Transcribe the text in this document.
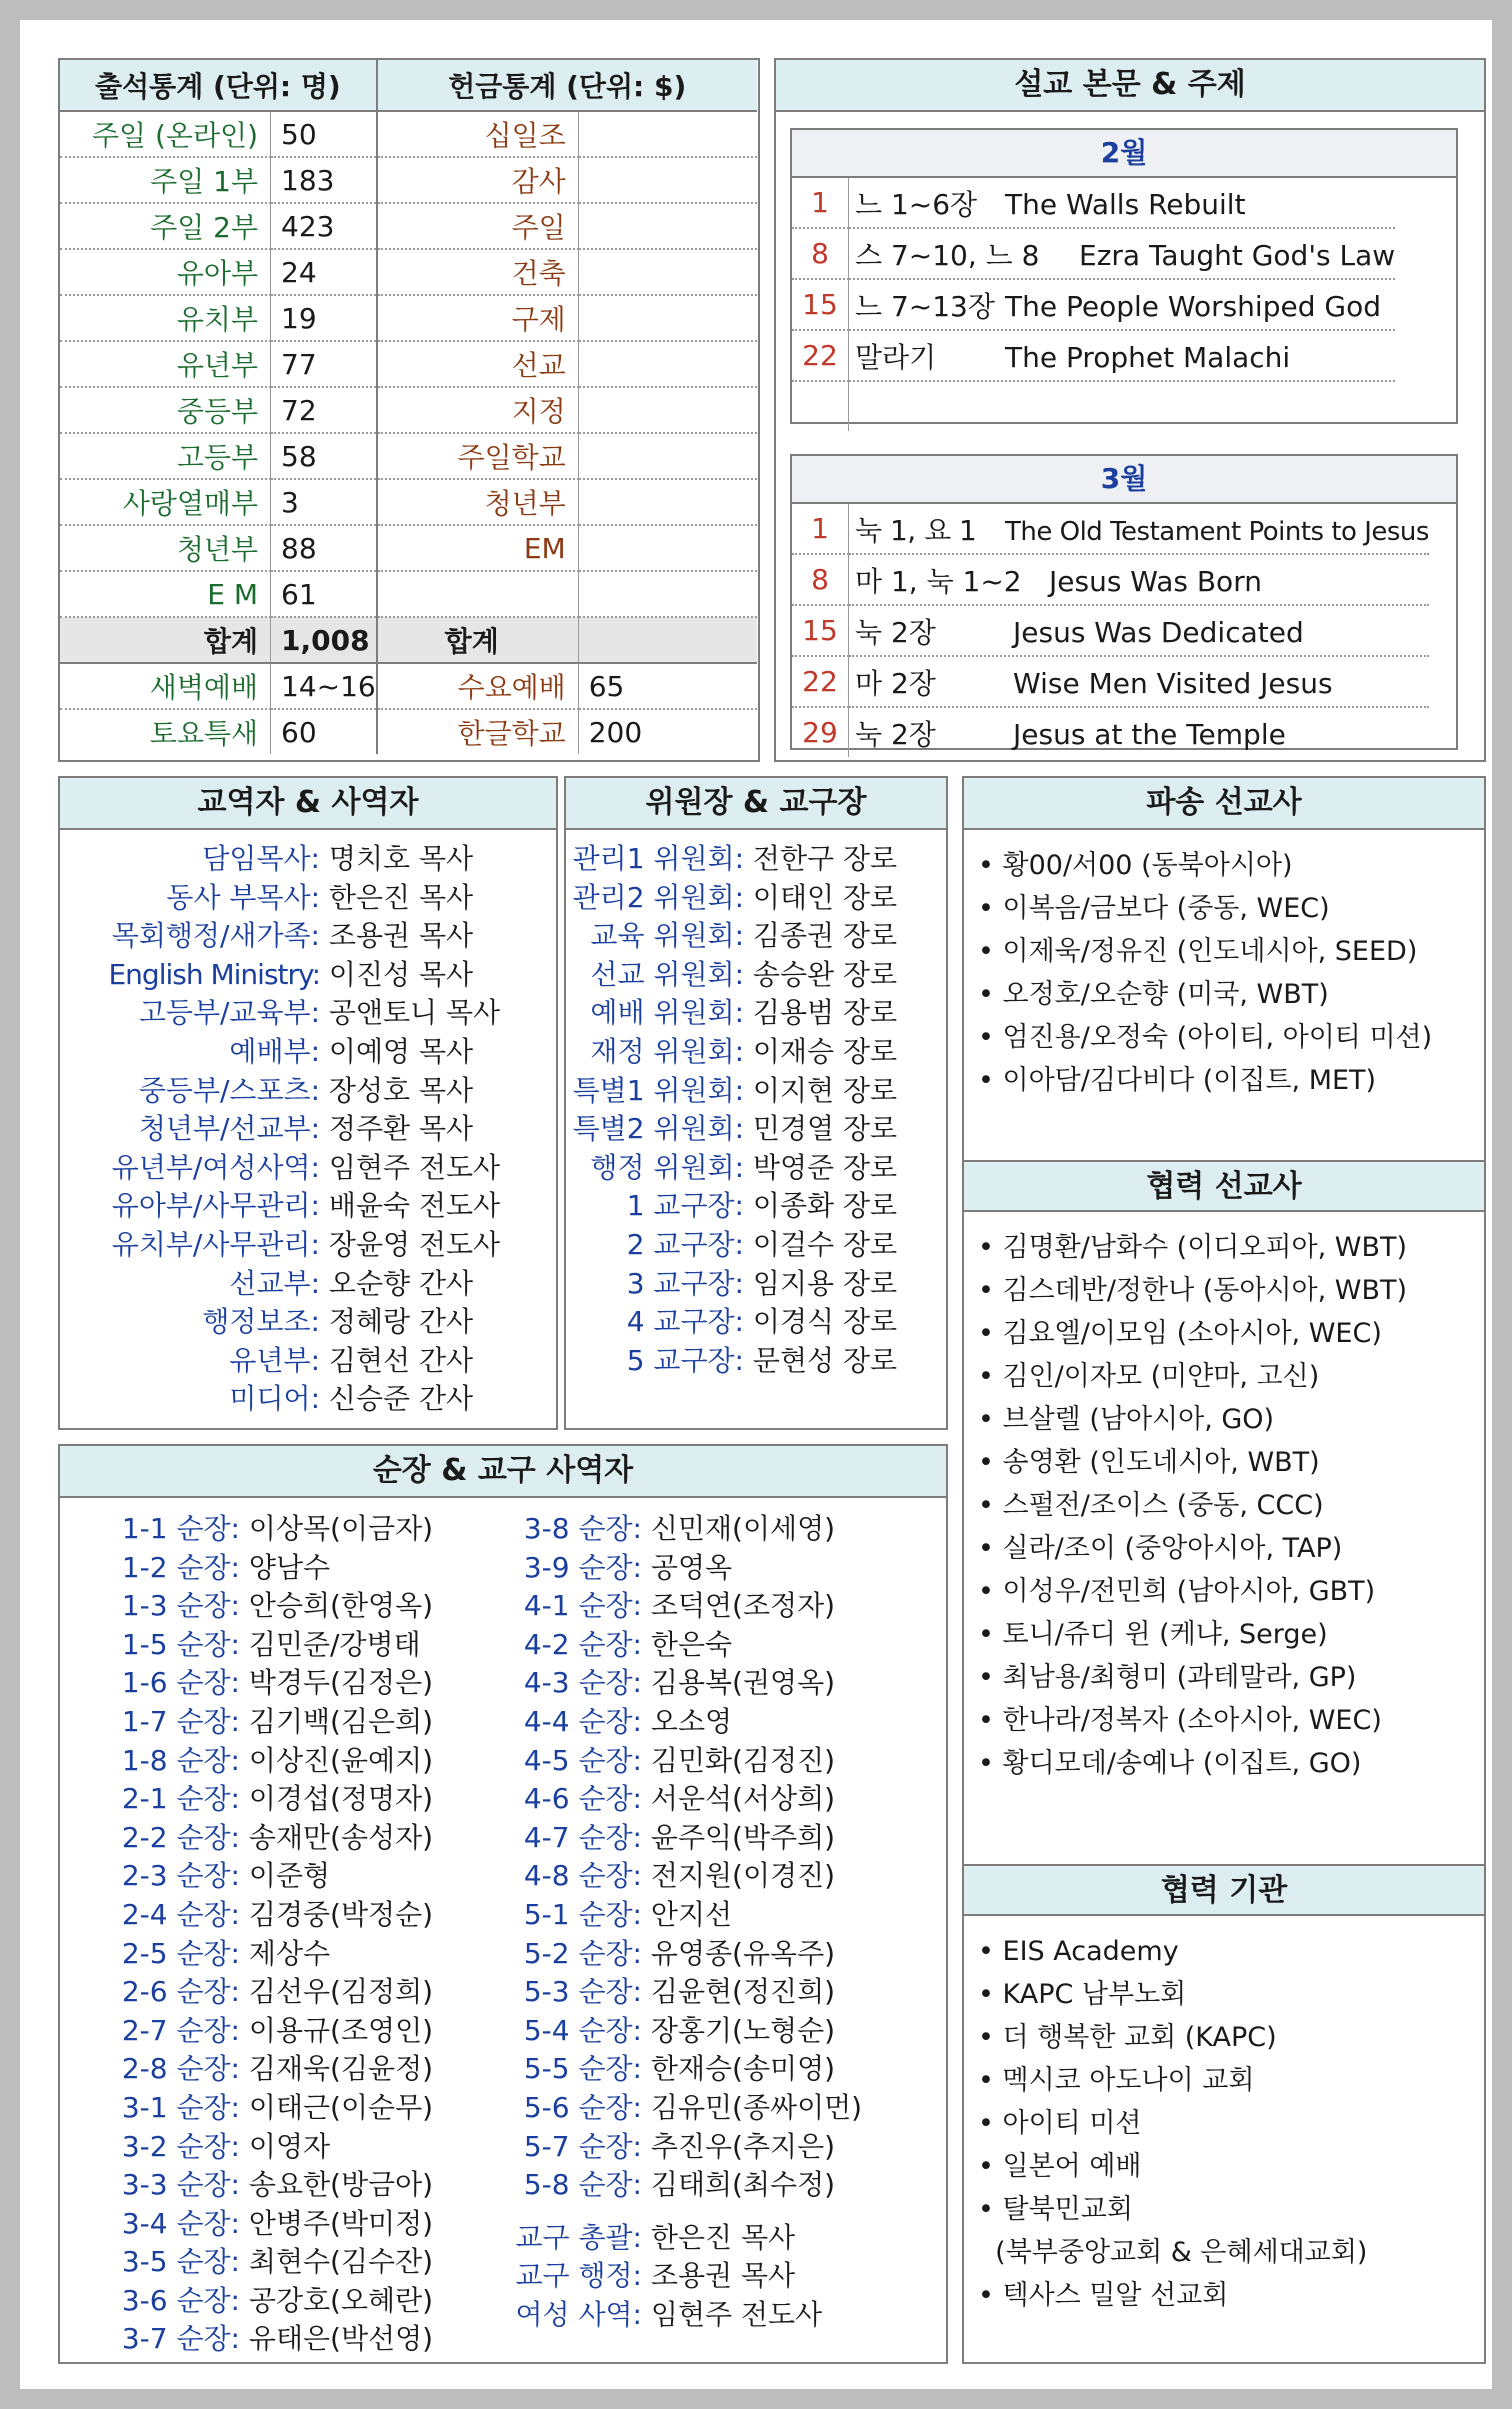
출석통계 (단위: 명)		헌금통계 (단위: $)	
주일 (온라인)	50	십일조	
주일 1부	183	감사	
주일 2부	423	주일	
유아부	24	건축	
유치부	19	구제	
유년부	77	선교	
중등부	72	지정	
고등부	58	주일학교	
사랑열매부	3	청년부	
청년부	88	EM	
E M	61		
합계	1,008	합계	
새벽예배	14~16	수요예배	65
토요특새	60	한글학교	200
설교 본문 & 주제
2월
1	느 1~6장 The Walls Rebuilt
8	스 7~10, 느 8 Ezra Taught God's Law
15	느 7~13장 The People Worshiped God
22	말라기 The Prophet Malachi

3월
1	눅 1, 요 1 The Old Testament Points to Jesus
8	마 1, 눅 1~2 Jesus Was Born
15	눅 2장 Jesus Was Dedicated
22	마 2장 Wise Men Visited Jesus
29	눅 2장 Jesus at the Temple
교역자 & 사역자
담임목사: 명치호 목사
동사 부목사: 한은진 목사
목회행정/새가족: 조용권 목사
English Ministry: 이진성 목사
고등부/교육부: 공앤토니 목사
예배부: 이예영 목사
중등부/스포츠: 장성호 목사
청년부/선교부: 정주환 목사
유년부/여성사역: 임현주 전도사
유아부/사무관리: 배윤숙 전도사
유치부/사무관리: 장윤영 전도사
선교부: 오순향 간사
행정보조: 정혜랑 간사
유년부: 김현선 간사
미디어: 신승준 간사
위원장 & 교구장
관리1 위원회: 전한구 장로
관리2 위원회: 이태인 장로
교육 위원회: 김종권 장로
선교 위원회: 송승완 장로
예배 위원회: 김용범 장로
재정 위원회: 이재승 장로
특별1 위원회: 이지현 장로
특별2 위원회: 민경열 장로
행정 위원회: 박영준 장로
1 교구장: 이종화 장로
2 교구장: 이걸수 장로
3 교구장: 임지용 장로
4 교구장: 이경식 장로
5 교구장: 문현성 장로
순장 & 교구 사역자
1-1 순장: 이상목(이금자)
1-2 순장: 양남수
1-3 순장: 안승희(한영옥)
1-5 순장: 김민준/강병태
1-6 순장: 박경두(김정은)
1-7 순장: 김기백(김은희)
1-8 순장: 이상진(윤예지)
2-1 순장: 이경섭(정명자)
2-2 순장: 송재만(송성자)
2-3 순장: 이준형
2-4 순장: 김경중(박정순)
2-5 순장: 제상수
2-6 순장: 김선우(김정희)
2-7 순장: 이용규(조영인)
2-8 순장: 김재욱(김윤정)
3-1 순장: 이태근(이순무)
3-2 순장: 이영자
3-3 순장: 송요한(방금아)
3-4 순장: 안병주(박미정)
3-5 순장: 최현수(김수잔)
3-6 순장: 공강호(오혜란)
3-7 순장: 유태은(박선영)
3-8 순장: 신민재(이세영)
3-9 순장: 공영옥
4-1 순장: 조덕연(조정자)
4-2 순장: 한은숙
4-3 순장: 김용복(권영옥)
4-4 순장: 오소영
4-5 순장: 김민화(김정진)
4-6 순장: 서운석(서상희)
4-7 순장: 윤주익(박주희)
4-8 순장: 전지원(이경진)
5-1 순장: 안지선
5-2 순장: 유영종(유옥주)
5-3 순장: 김윤현(정진희)
5-4 순장: 장홍기(노형순)
5-5 순장: 한재승(송미영)
5-6 순장: 김유민(종싸이먼)
5-7 순장: 추진우(추지은)
5-8 순장: 김태희(최수정)
교구 총괄: 한은진 목사
교구 행정: 조용권 목사
여성 사역: 임현주 전도사
파송 선교사
• 황00/서00 (동북아시아)
• 이복음/금보다 (중동, WEC)
• 이제욱/정유진 (인도네시아, SEED)
• 오정호/오순향 (미국, WBT)
• 엄진용/오정숙 (아이티, 아이티 미션)
• 이아담/김다비다 (이집트, MET)
협력 선교사
• 김명환/남화수 (이디오피아, WBT)
• 김스데반/정한나 (동아시아, WBT)
• 김요엘/이모임 (소아시아, WEC)
• 김인/이자모 (미얀마, 고신)
• 브살렐 (남아시아, GO)
• 송영환 (인도네시아, WBT)
• 스펄전/조이스 (중동, CCC)
• 실라/조이 (중앙아시아, TAP)
• 이성우/전민희 (남아시아, GBT)
• 토니/쥬디 윈 (케냐, Serge)
• 최남용/최형미 (과테말라, GP)
• 한나라/정복자 (소아시아, WEC)
• 황디모데/송예나 (이집트, GO)
협력 기관
• EIS Academy
• KAPC 남부노회
• 더 행복한 교회 (KAPC)
• 멕시코 아도나이 교회
• 아이티 미션
• 일본어 예배
• 탈북민교회
(북부중앙교회 & 은혜세대교회)
• 텍사스 밀알 선교회
